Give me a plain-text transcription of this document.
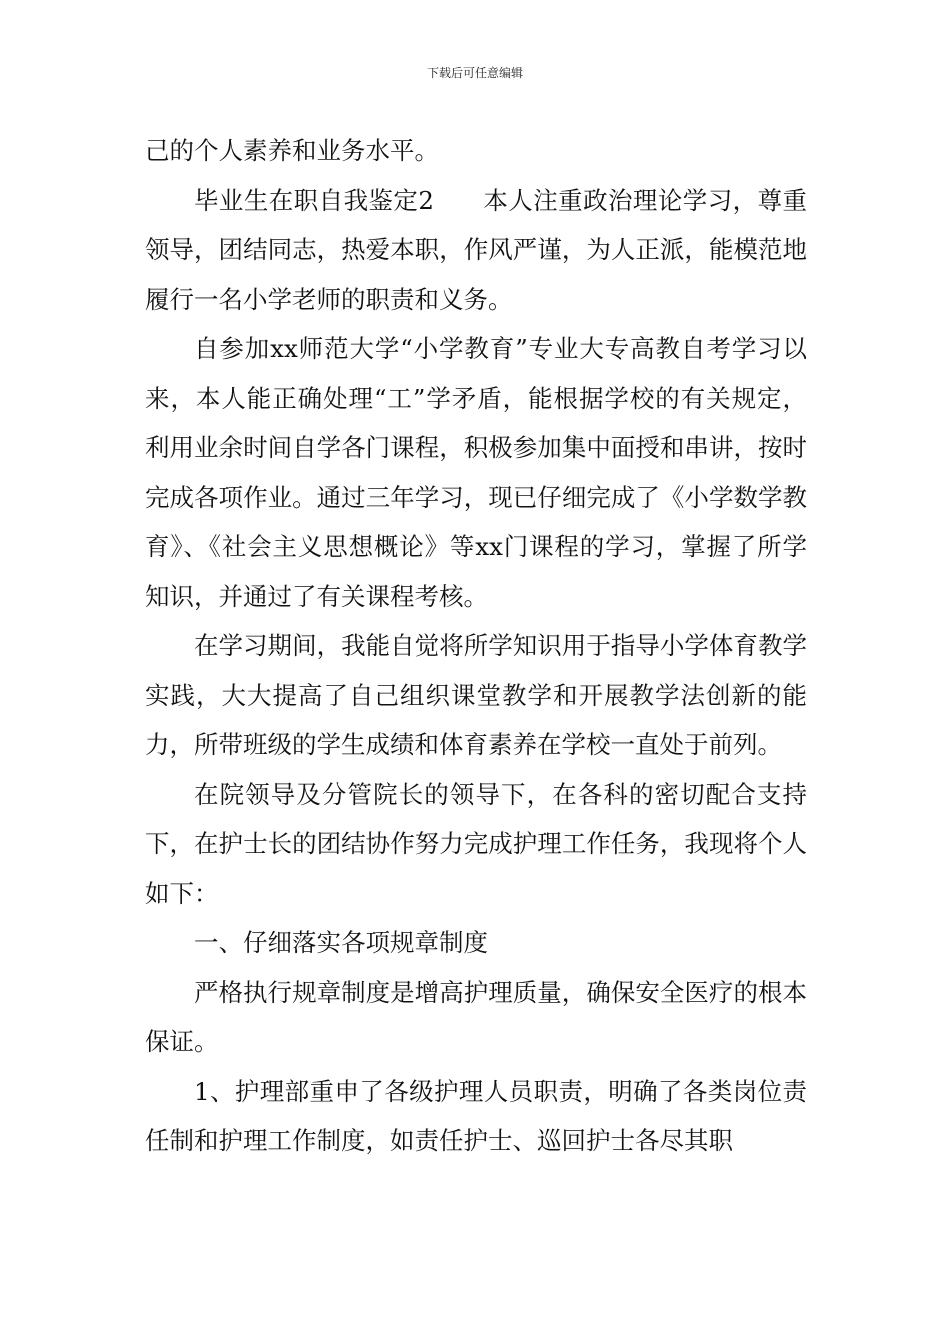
下载后可任意编辑

己的个人素养和业务水平。

毕业生在职自我鉴定2 本人注重政治理论学习，尊重领导，团结同志，热爱本职，作风严谨，为人正派，能模范地履行一名小学老师的职责和义务。

自参加xx师范大学“小学教育”专业大专高教自考学习以来，本人能正确处理“工”学矛盾，能根据学校的有关规定，利用业余时间自学各门课程，积极参加集中面授和串讲，按时完成各项作业。通过三年学习，现已仔细完成了《小学数学教育》、《社会主义思想概论》等xx门课程的学习，掌握了所学知识，并通过了有关课程考核。

在学习期间，我能自觉将所学知识用于指导小学体育教学实践，大大提高了自己组织课堂教学和开展教学法创新的能力，所带班级的学生成绩和体育素养在学校一直处于前列。

在院领导及分管院长的领导下，在各科的密切配合支持下，在护士长的团结协作努力完成护理工作任务，我现将个人如下：

一、仔细落实各项规章制度

严格执行规章制度是增高护理质量，确保安全医疗的根本保证。

1、护理部重申了各级护理人员职责，明确了各类岗位责任制和护理工作制度，如责任护士、巡回护士各尽其职
